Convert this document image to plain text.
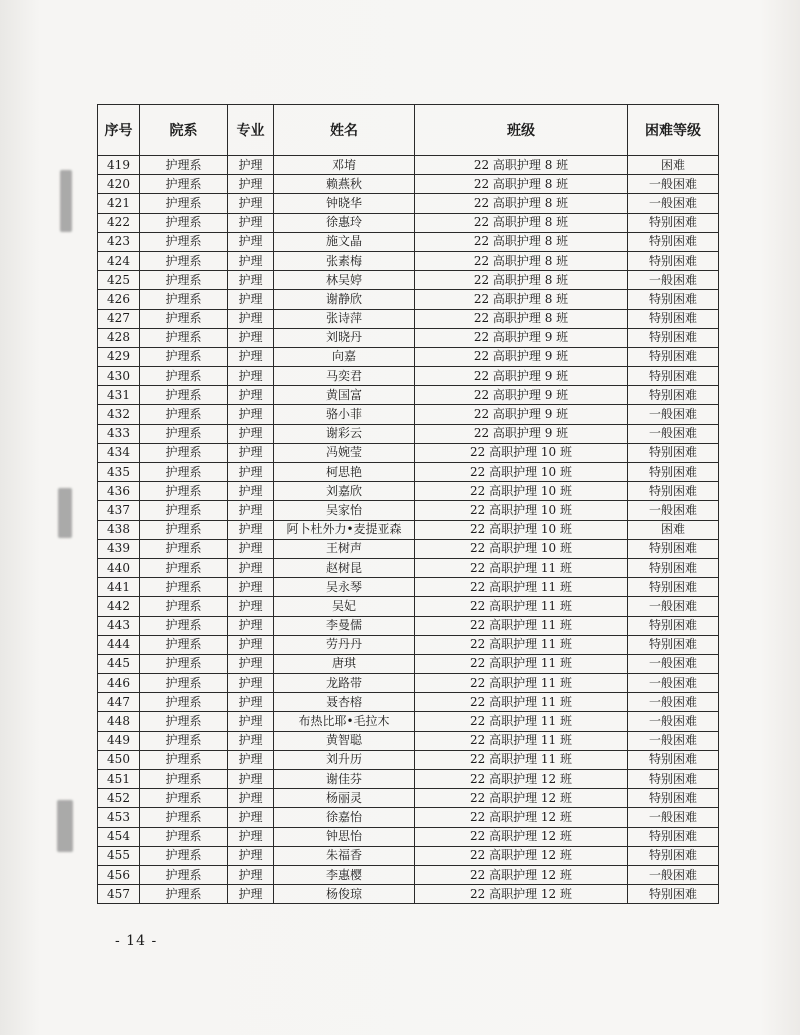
序号	院系	专业	姓名	班级	困难等级
419	护理系	护理	邓堉	22 高职护理 8 班	困难
420	护理系	护理	赖燕秋	22 高职护理 8 班	一般困难
421	护理系	护理	钟晓华	22 高职护理 8 班	一般困难
422	护理系	护理	徐惠玲	22 高职护理 8 班	特别困难
423	护理系	护理	施文晶	22 高职护理 8 班	特别困难
424	护理系	护理	张素梅	22 高职护理 8 班	特别困难
425	护理系	护理	林吴婷	22 高职护理 8 班	一般困难
426	护理系	护理	谢静欣	22 高职护理 8 班	特别困难
427	护理系	护理	张诗萍	22 高职护理 8 班	特别困难
428	护理系	护理	刘晓丹	22 高职护理 9 班	特别困难
429	护理系	护理	向嘉	22 高职护理 9 班	特别困难
430	护理系	护理	马奕君	22 高职护理 9 班	特别困难
431	护理系	护理	黄国富	22 高职护理 9 班	特别困难
432	护理系	护理	骆小菲	22 高职护理 9 班	一般困难
433	护理系	护理	谢彩云	22 高职护理 9 班	一般困难
434	护理系	护理	冯婉莹	22 高职护理 10 班	特别困难
435	护理系	护理	柯思艳	22 高职护理 10 班	特别困难
436	护理系	护理	刘嘉欣	22 高职护理 10 班	特别困难
437	护理系	护理	吴家怡	22 高职护理 10 班	一般困难
438	护理系	护理	阿卜杜外力•麦提亚森	22 高职护理 10 班	困难
439	护理系	护理	王树声	22 高职护理 10 班	特别困难
440	护理系	护理	赵树昆	22 高职护理 11 班	特别困难
441	护理系	护理	吴永琴	22 高职护理 11 班	特别困难
442	护理系	护理	吴妃	22 高职护理 11 班	一般困难
443	护理系	护理	李曼儒	22 高职护理 11 班	特别困难
444	护理系	护理	劳丹丹	22 高职护理 11 班	特别困难
445	护理系	护理	唐琪	22 高职护理 11 班	一般困难
446	护理系	护理	龙路带	22 高职护理 11 班	一般困难
447	护理系	护理	聂杏榕	22 高职护理 11 班	一般困难
448	护理系	护理	布热比耶•毛拉木	22 高职护理 11 班	一般困难
449	护理系	护理	黄智聪	22 高职护理 11 班	一般困难
450	护理系	护理	刘升历	22 高职护理 11 班	特别困难
451	护理系	护理	谢佳芬	22 高职护理 12 班	特别困难
452	护理系	护理	杨丽灵	22 高职护理 12 班	特别困难
453	护理系	护理	徐嘉怡	22 高职护理 12 班	一般困难
454	护理系	护理	钟思怡	22 高职护理 12 班	特别困难
455	护理系	护理	朱福香	22 高职护理 12 班	特别困难
456	护理系	护理	李惠樱	22 高职护理 12 班	一般困难
457	护理系	护理	杨俊琼	22 高职护理 12 班	特别困难
- 14 -
